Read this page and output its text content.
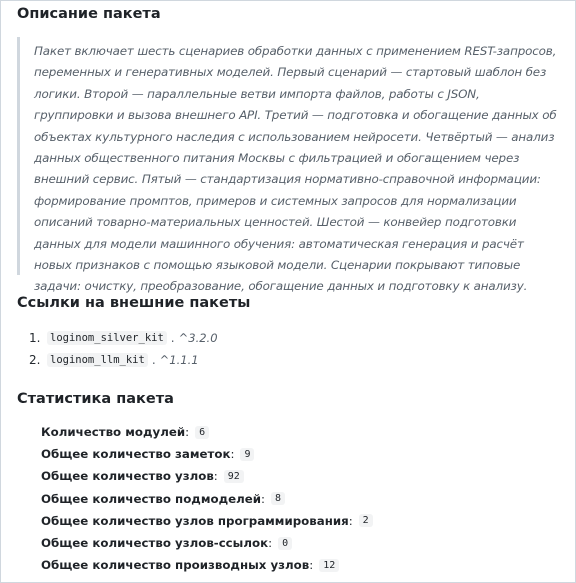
Описание пакета

Пакет включает шесть сценариев обработки данных с применением REST-запросов, переменных и генеративных моделей. Первый сценарий — стартовый шаблон без логики. Второй — параллельные ветви импорта файлов, работы с JSON, группировки и вызова внешнего API. Третий — подготовка и обогащение данных об объектах культурного наследия с использованием нейросети. Четвёртый — анализ данных общественного питания Москвы с фильтрацией и обогащением через внешний сервис. Пятый — стандартизация нормативно-справочной информации: формирование промптов, примеров и системных запросов для нормализации описаний товарно-материальных ценностей. Шестой — конвейер подготовки данных для модели машинного обучения: автоматическая генерация и расчёт новых признаков с помощью языковой модели. Сценарии покрывают типовые задачи: очистку, преобразование, обогащение данных и подготовку к анализу.

Ссылки на внешние пакеты
1. loginom_silver_kit . ^3.2.0
2. loginom_llm_kit . ^1.1.1
Статистика пакета
Количество модулей :	6
Общее количество заметок :	9
Общее количество узлов :	92
Общее количество подмоделей :	8
Общее количество узлов программирования :	2
Общее количество узлов-ссылок :	0
Общее количество производных узлов :	12
